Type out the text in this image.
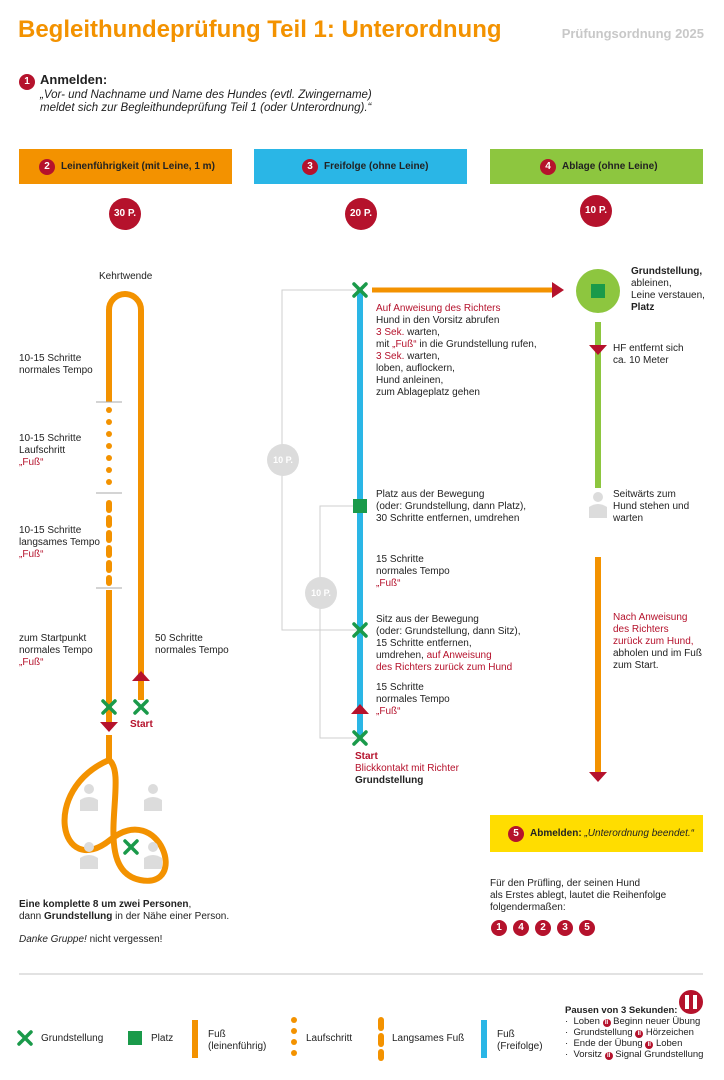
Begleithundeprüfung Teil 1: Unterordnung	Prüfungsordnung 2025
1 Anmelden:
„Vor- und Nachname und Name des Hundes (evtl. Zwingername)
meldet sich zur Begleithundeprüfung Teil 1 (oder Unterordnung).“
2	Leinenführigkeit (mit Leine, 1 m)	3	Freifolge (ohne Leine)	4	Ablage (ohne Leine)
30 P.	20 P.	10 P.
Kehrtwende
10-15 Schritte
normales Tempo
10-15 Schritte
Laufschritt
„Fuß“
10-15 Schritte
langsames Tempo
„Fuß“
zum Startpunkt
normales Tempo
„Fuß“
50 Schritte
normales Tempo
Start
Eine komplette 8 um zwei Personen,
dann Grundstellung in der Nähe einer Person.
Danke Gruppe! nicht vergessen!
10 P.
10 P.
Auf Anweisung des Richters
Hund in den Vorsitz abrufen
3 Sek. warten,
mit „Fuß“ in die Grundstellung rufen,
3 Sek. warten,
loben, auflockern,
Hund anleinen,
zum Ablageplatz gehen
Platz aus der Bewegung
(oder: Grundstellung, dann Platz),
30 Schritte entfernen, umdrehen
15 Schritte
normales Tempo
„Fuß“
Sitz aus der Bewegung
(oder: Grundstellung, dann Sitz),
15 Schritte entfernen,
umdrehen, auf Anweisung
des Richters zurück zum Hund
15 Schritte
normales Tempo
„Fuß“
Start
Blickkontakt mit Richter
Grundstellung
Grundstellung,
ableinen,
Leine verstauen,
Platz
HF entfernt sich
ca. 10 Meter
Seitwärts zum
Hund stehen und
warten
Nach Anweisung
des Richters
zurück zum Hund,
abholen und im Fuß
zum Start.
5	Abmelden: „Unterordnung beendet.“
Für den Prüfling, der seinen Hund
als Erstes ablegt, lautet die Reihenfolge
folgendermaßen:
1	4	2	3	5
Grundstellung	Platz	Fuß
(leinenführig)
Laufschritt	Langsames Fuß	Fuß
(Freifolge)
Pausen von 3 Sekunden:
·  Loben II Beginn neuer Übung
·  Grundstellung II Hörzeichen
·  Ende der Übung II Loben
·  Vorsitz II Signal Grundstellung
